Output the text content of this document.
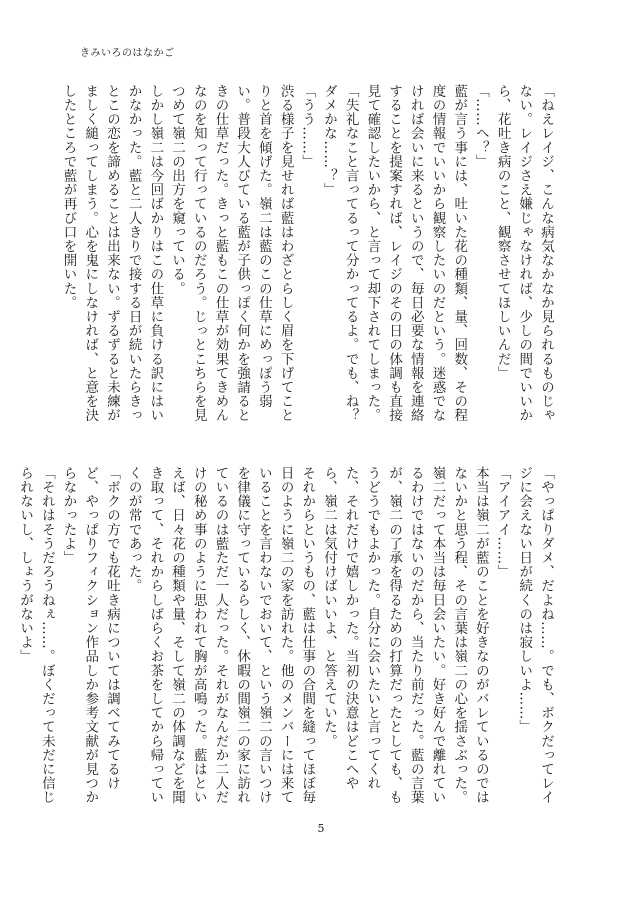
きみいろのはなかご

「ねえレイジ、こんな病気なかなか見られるものじゃない。レイジさえ嫌じゃなければ、少しの間でいいから、花吐き病のこと、観察させてほしいんだ」

「……へ？」

藍が言う事には、吐いた花の種類、量、回数、その程度の情報でいいから観察したいのだという。迷惑でなければ会いに来るというので、毎日必要な情報を連絡することを提案すれば、レイジのその日の体調も直接見て確認したいから、と言って却下されてしまった。

「失礼なこと言ってるって分かってるよ。でも、ね？ダメかな……？」

「うう……」

渋る様子を見せれば藍はわざとらしく眉を下げてことりと首を傾げた。嶺二は藍のこの仕草にめっぽう弱い。普段大人びている藍が子供っぽく何かを強請るときの仕草だった。きっと藍もこの仕草が効果てきめんなのを知って行っているのだろう。じっとこちらを見つめて嶺二の出方を窺っている。

しかし嶺二は今回ばかりはこの仕草に負ける訳にはいかなかった。藍と二人きりで接する日が続いたらきっとこの恋を諦めることは出来ない。ずるずると未練がましく縋ってしまう。心を鬼にしなければ、と意を決したところで藍が再び口を開いた。

「やっぱりダメ、だよね……。でも、ボクだってレイジに会えない日が続くのは寂しいよ……」

「アイアイ……」

本当は嶺二が藍のことを好きなのがバレているのではないかと思う程、その言葉は嶺二の心を揺さぶった。嶺二だって本当は毎日会いたい。好き好んで離れているわけではないのだから、当たり前だった。藍の言葉が、嶺二の了承を得るための打算だったとしても、もうどうでもよかった。自分に会いたいと言ってくれた、それだけで嬉しかった。当初の決意はどこへやら、嶺二は気付けばいいよ、と答えていた。

それからというもの、藍は仕事の合間を縫ってほぼ毎日のように嶺二の家を訪れた。他のメンバーには来ていることを言わないでおいて、という嶺二の言いつけを律儀に守っているらしく、休暇の間嶺二の家に訪れているのは藍ただ一人だった。それがなんだか二人だけの秘め事のように思われて胸が高鳴った。藍はといえば、日々花の種類や量、そして嶺二の体調などを聞き取って、それからしばらくお茶をしてから帰っていくのが常であった。

「ボクの方でも花吐き病については調べてみてるけど、やっぱりフィクション作品しか参考文献が見つからなかったよ」

「それはそうだろうねぇ……。ぼくだって未だに信じられないし、しょうがないよ」

5
